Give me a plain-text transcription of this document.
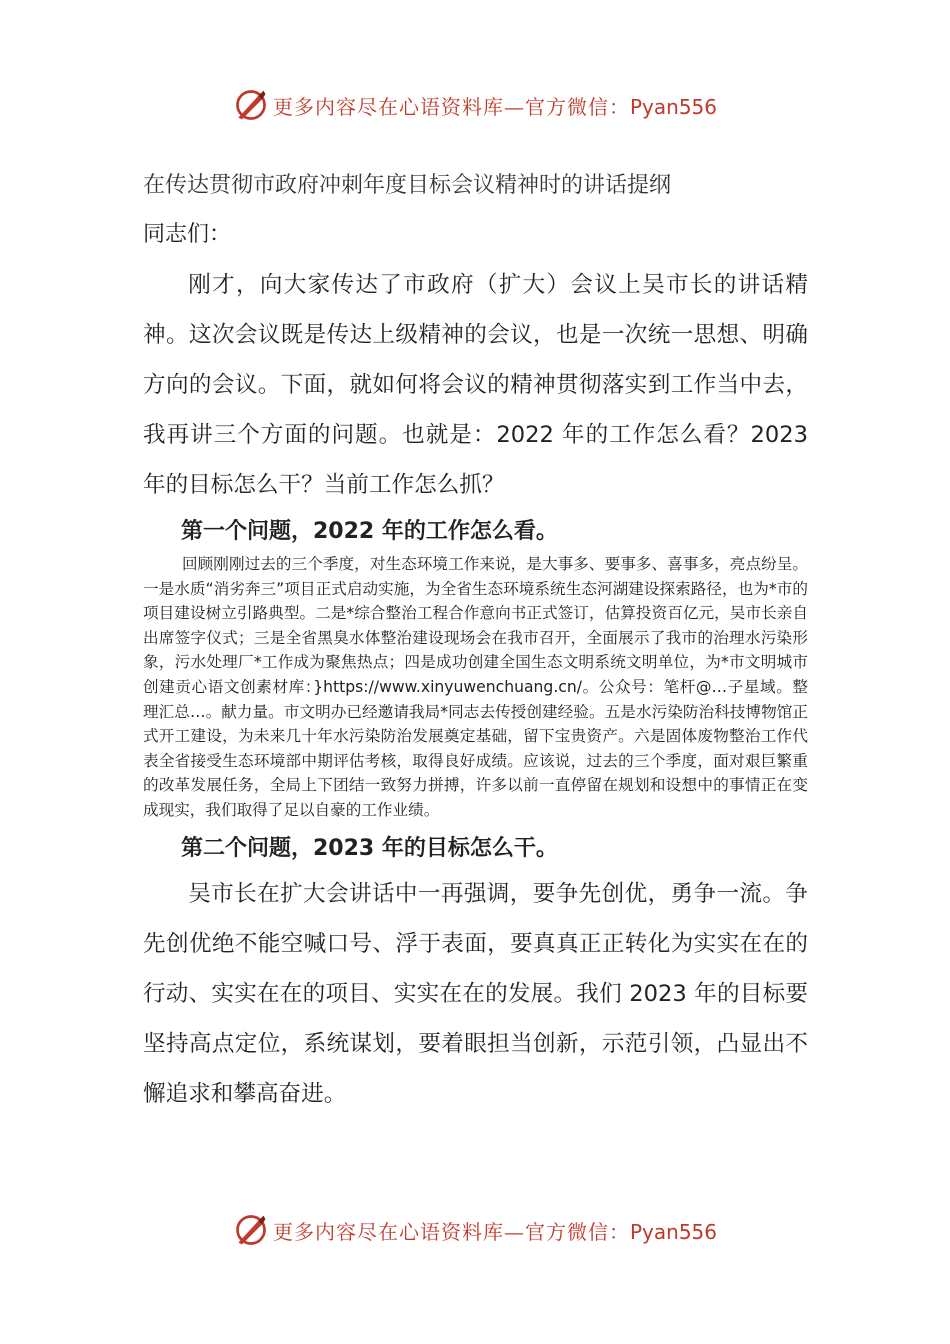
更多内容尽在心语资料库—官方微信：Pyan556

在传达贯彻市政府冲刺年度目标会议精神时的讲话提纲

同志们：

刚才，向大家传达了市政府（扩大）会议上吴市长的讲话精神。这次会议既是传达上级精神的会议，也是一次统一思想、明确方向的会议。下面，就如何将会议的精神贯彻落实到工作当中去，我再讲三个方面的问题。也就是：2022 年的工作怎么看？2023 年的目标怎么干？当前工作怎么抓？

第一个问题，2022 年的工作怎么看。

回顾刚刚过去的三个季度，对生态环境工作来说，是大事多、要事多、喜事多，亮点纷呈。一是水质“消劣奔三”项目正式启动实施，为全省生态环境系统生态河湖建设探索路径，也为*市的项目建设树立引路典型。二是*综合整治工程合作意向书正式签订，估算投资百亿元，吴市长亲自出席签字仪式；三是全省黑臭水体整治建设现场会在我市召开，全面展示了我市的治理水污染形象，污水处理厂*工作成为聚焦热点；四是成功创建全国生态文明系统文明单位，为*市文明城市创建贡心语文创素材库：}https://www.xinyuwenchuang.cn/。公众号：笔杆@…子星域。整理汇总…。献力量。市文明办已经邀请我局*同志去传授创建经验。五是水污染防治科技博物馆正式开工建设，为未来几十年水污染防治发展奠定基础，留下宝贵资产。六是固体废物整治工作代表全省接受生态环境部中期评估考核，取得良好成绩。应该说，过去的三个季度，面对艰巨繁重的改革发展任务，全局上下团结一致努力拼搏，许多以前一直停留在规划和设想中的事情正在变成现实，我们取得了足以自豪的工作业绩。

第二个问题，2023 年的目标怎么干。

吴市长在扩大会讲话中一再强调，要争先创优，勇争一流。争先创优绝不能空喊口号、浮于表面，要真真正正转化为实实在在的行动、实实在在的项目、实实在在的发展。我们 2023 年的目标要坚持高点定位，系统谋划，要着眼担当创新，示范引领，凸显出不懈追求和攀高奋进。

更多内容尽在心语资料库—官方微信：Pyan556
